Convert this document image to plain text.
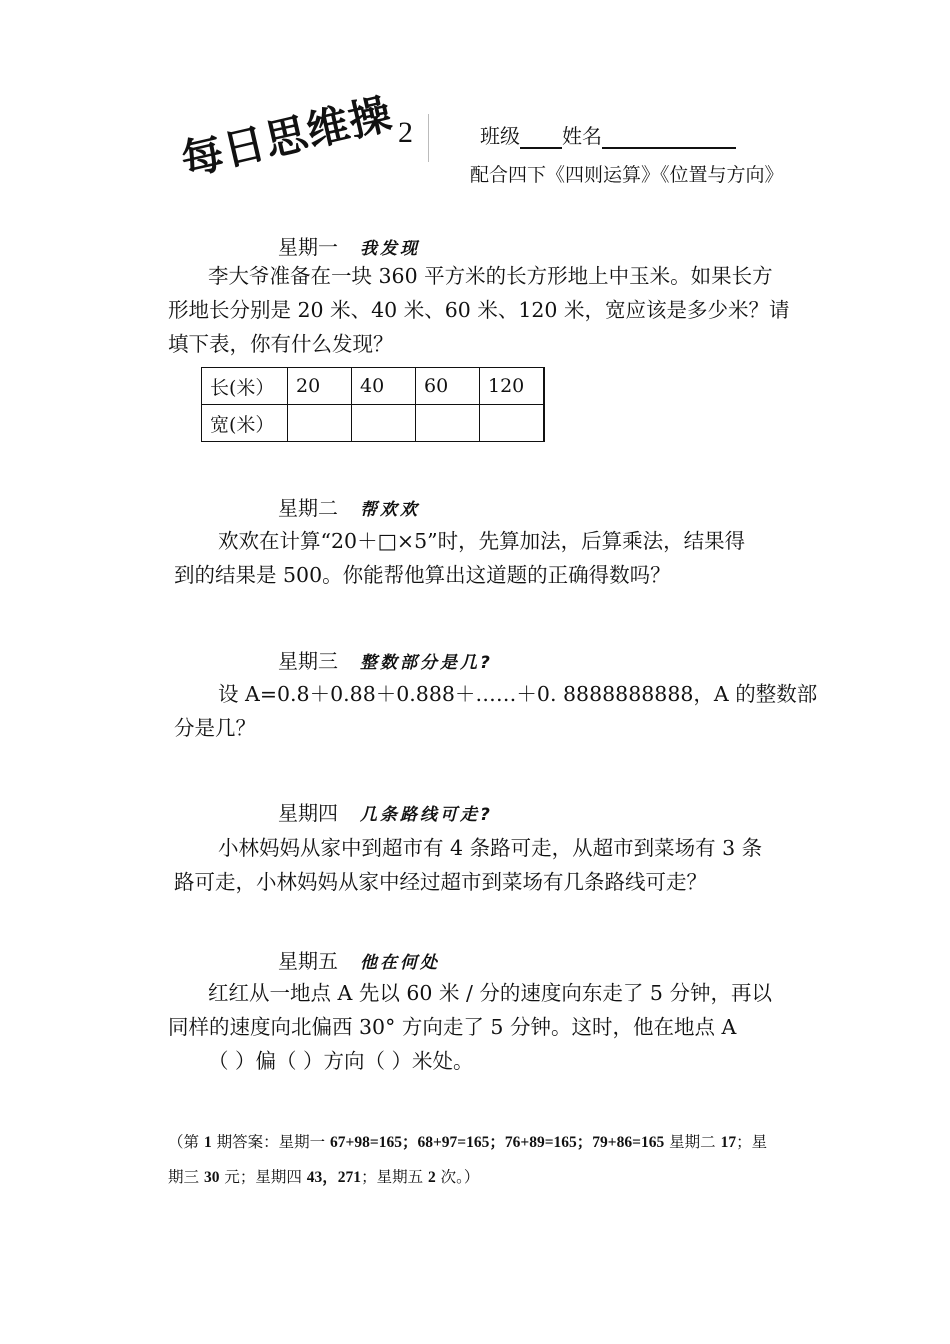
每日思维操 2	班级 姓名
配合四下《四则运算》《位置与方向》
星期一 我发现
李大爷准备在一块 360 平方米的长方形地上中玉米。如果长方
形地长分别是 20 米、40 米、60 米、120 米，宽应该是多少米？请
填下表，你有什么发现？
长(米）	20	40	60	120
宽(米）				
星期二 帮欢欢
欢欢在计算“20＋□×5”时，先算加法，后算乘法，结果得
到的结果是 500。你能帮他算出这道题的正确得数吗？
星期三 整数部分是几?
设 A=0.8＋0.88＋0.888＋……＋0. 8888888888，A 的整数部
分是几？
星期四 几条路线可走?
小林妈妈从家中到超市有 4 条路可走，从超市到菜场有 3 条
路可走，小林妈妈从家中经过超市到菜场有几条路线可走？
星期五 他在何处
红红从一地点 A 先以 60 米 / 分的速度向东走了 5 分钟，再以
同样的速度向北偏西 30° 方向走了 5 分钟。这时，他在地点 A
（ ）偏（ ）方向（ ）米处。
（第 1 期答案：星期一 67+98=165；68+97=165；76+89=165；79+86=165 星期二 17；星
期三 30 元；星期四 43，271；星期五 2 次。）
